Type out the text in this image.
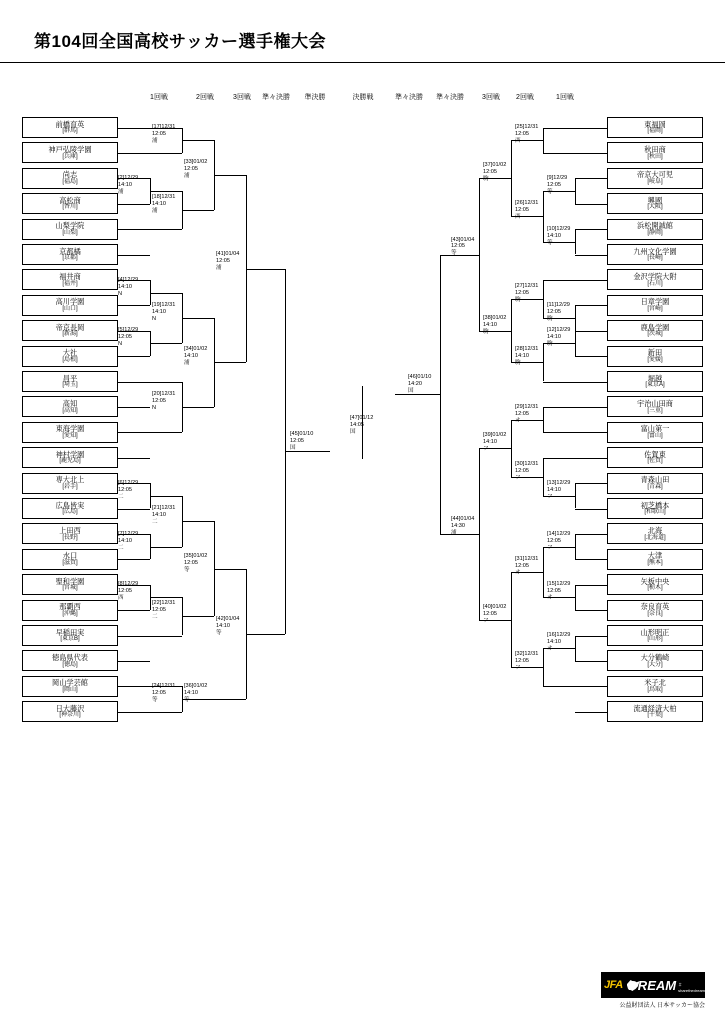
第104回全国高校サッカー選手権大会
1回戦	2回戦	3回戦	準々決勝	準決勝	決勝戦	準々決勝	準々決勝	3回戦	2回戦	1回戦
前橋育英
[群馬]
神戸弘陵学園
[兵庫]
尚志
[福島]
高松商
[香川]
山梨学院
[山梨]
京都橘
[京都]
福井商
[福井]
高川学園
[山口]
帝京長岡
[新潟]
大社
[島根]
昌平
[埼玉]
高知
[高知]
東海学園
[愛知]
神村学園
[鹿児島]
専大北上
[岩手]
広島皆実
[広島]
上田西
[長野]
水口
[滋賀]
聖和学園
[宮城]
那覇西
[沖縄]
早稲田実
[東京B]
徳島県代表
[徳島]
岡山学芸館
[岡山]
日大藤沢
[神奈川]
[2]12/29
14:10
浦
[4]12/29
14:10
N
[5]12/29
12:05
N
[6]12/29
12:05
二
[7]12/29
14:10
二
[8]12/29
12:05
西
[17]12/31
12:05
浦
[18]12/31
14:10
浦
[19]12/31
14:10
N
[20]12/31
12:05
N
[21]12/31
14:10
二
[22]12/31
12:05
二
[24]12/31
12:05
等
[33]01/02
12:05
浦
[34]01/02
14:10
浦
[35]01/02
12:05
等
[36]01/02
14:10
等
[41]01/04
12:05
浦
[42]01/04
14:10
等
[45]01/10
12:05
国
東福岡
[福岡]
秋田商
[秋田]
帝京大可児
[岐阜]
興國
[大阪]
浜松開誠館
[静岡]
九州文化学園
[長崎]
金沢学院大附
[石川]
日章学園
[宮崎]
鹿島学園
[茨城]
新田
[愛媛]
堀越
[東京A]
宇治山田商
[三重]
富山第一
[富山]
佐賀東
[佐賀]
青森山田
[青森]
初芝橋本
[和歌山]
北海
[北海道]
大津
[熊本]
矢板中央
[栃木]
奈良育英
[奈良]
山形明正
[山形]
大分鶴崎
[大分]
米子北
[鳥取]
流通経済大柏
[千葉]
[9]12/29
12:05
等
[10]12/29
14:10
等
[11]12/29
12:05
駒
[12]12/29
14:10
駒
[13]12/29
14:10
フ
[14]12/29
12:05
フ
[15]12/29
12:05
オ
[16]12/29
14:10
オ
[25]12/31
12:05
西
[26]12/31
12:05
西
[27]12/31
12:05
駒
[28]12/31
14:10
駒
[29]12/31
12:05
オ
[30]12/31
12:05
フ
[31]12/31
12:05
オ
[32]12/31
12:05
フ
[37]01/02
12:05
駒
[38]01/02
14:10
駒
[39]01/02
14:10
フ
[40]01/02
12:05
フ
[43]01/04
12:05
等
[44]01/04
14:30
浦
[46]01/10
14:20
国
[47]01/12
14:05
国
JFA DREAM ＃sharethedream
公益財団法人 日本サッカー協会
